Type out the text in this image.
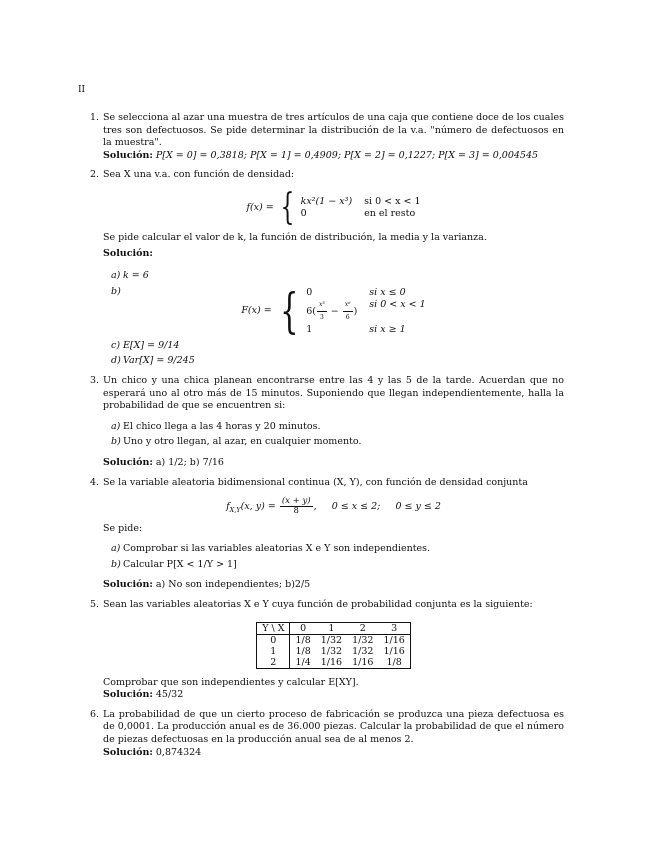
II
1. Se selecciona al azar una muestra de tres artículos de una caja que contiene doce de los cuales tres son defectuosos. Se pide determinar la distribución de la v.a. "número de defectuosos en la muestra".

Solución: P[X = 0] = 0,3818; P[X = 1] = 0,4909; P[X = 2] = 0,1227; P[X = 3] = 0,004545

2. Sea X una v.a. con función de densidad:

f(x) = { kx²(1 − x³) si 0 < x < 1
0	en el resto

Se pide calcular el valor de k, la función de distribución, la media y la varianza.

Solución:

a) k = 6
b)
F(x) = { 0	si x ≤ 0
$6( \frac{\text{x³}}{3} - \frac{\text{x⁶}}{6}$ )
si 0 < x < 1
1	si x ≥ 1
c) E[X] = 9/14
d) Var[X] = 9/245
3. Un chico y una chica planean encontrarse entre las 4 y las 5 de la tarde. Acuerdan que no esperará uno al otro más de 15 minutos. Suponiendo que llegan independientemente, halla la probabilidad de que se encuentren si:

a) El chico llega a las 4 horas y 20 minutos.
b) Uno y otro llegan, al azar, en cualquier momento.

Solución: a) 1/2; b) 7/16

4. Se la variable aleatoria bidimensional continua (X, Y), con función de densidad conjunta

$f_{X,Y}(x$, $y) = \frac{(x + y)}{8}$ ,     0 ≤ x ≤ 2;     0 ≤ y ≤ 2

Se pide:

a) Comprobar si las variables aleatorias X e Y son independientes.
b) Calcular P[X < 1/Y > 1]

Solución: a) No son independientes; b)2/5

5. Sean las variables aleatorias X e Y cuya función de probabilidad conjunta es la siguiente:

Y \ X	0	1	2	3
0	1/8	1/32	1/32	1/16
1	1/8	1/32	1/32	1/16
2	1/4	1/16	1/16	1/8

Comprobar que son independientes y calcular E[XY].

Solución: 45/32

6. La probabilidad de que un cierto proceso de fabricación se produzca una pieza defectuosa es de 0,0001. La producción anual es de 36.000 piezas. Calcular la probabilidad de que el número de piezas defectuosas en la producción anual sea de al menos 2.

Solución: 0,874324
